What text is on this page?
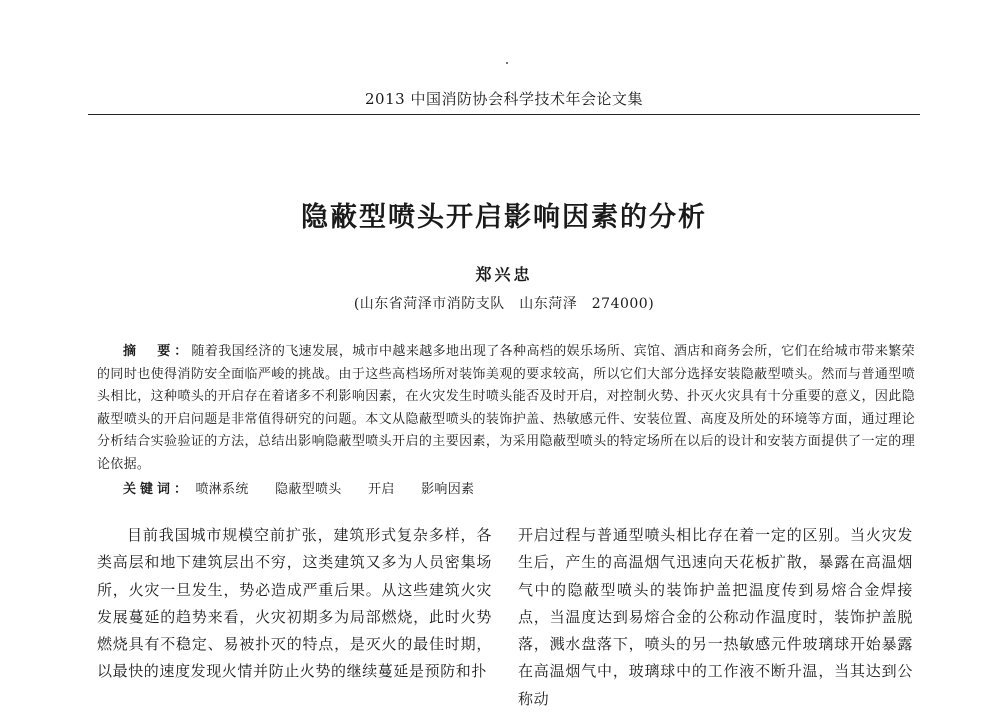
2013 中国消防协会科学技术年会论文集
隐蔽型喷头开启影响因素的分析
郑兴忠
(山东省菏泽市消防支队　山东菏泽　274000)
摘　要：随着我国经济的飞速发展，城市中越来越多地出现了各种高档的娱乐场所、宾馆、酒店和商务会所，它们在给城市带来繁荣的同时也使得消防安全面临严峻的挑战。由于这些高档场所对装饰美观的要求较高，所以它们大部分选择安装隐蔽型喷头。然而与普通型喷头相比，这种喷头的开启存在着诸多不利影响因素，在火灾发生时喷头能否及时开启，对控制火势、扑灭火灾具有十分重要的意义，因此隐蔽型喷头的开启问题是非常值得研究的问题。本文从隐蔽型喷头的装饰护盖、热敏感元件、安装位置、高度及所处的环境等方面，通过理论分析结合实验验证的方法，总结出影响隐蔽型喷头开启的主要因素，为采用隐蔽型喷头的特定场所在以后的设计和安装方面提供了一定的理论依据。
关键词： 喷淋系统 隐蔽型喷头 开启 影响因素
目前我国城市规模空前扩张，建筑形式复杂多样，各类高层和地下建筑层出不穷，这类建筑又多为人员密集场所，火灾一旦发生，势必造成严重后果。从这些建筑火灾发展蔓延的趋势来看，火灾初期多为局部燃烧，此时火势燃烧具有不稳定、易被扑灭的特点，是灭火的最佳时期，以最快的速度发现火情并防止火势的继续蔓延是预防和扑
开启过程与普通型喷头相比存在着一定的区别。当火灾发生后，产生的高温烟气迅速向天花板扩散，暴露在高温烟气中的隐蔽型喷头的装饰护盖把温度传到易熔合金焊接点，当温度达到易熔合金的公称动作温度时，装饰护盖脱落，溅水盘落下，喷头的另一热敏感元件玻璃球开始暴露在高温烟气中，玻璃球中的工作液不断升温，当其达到公称动
